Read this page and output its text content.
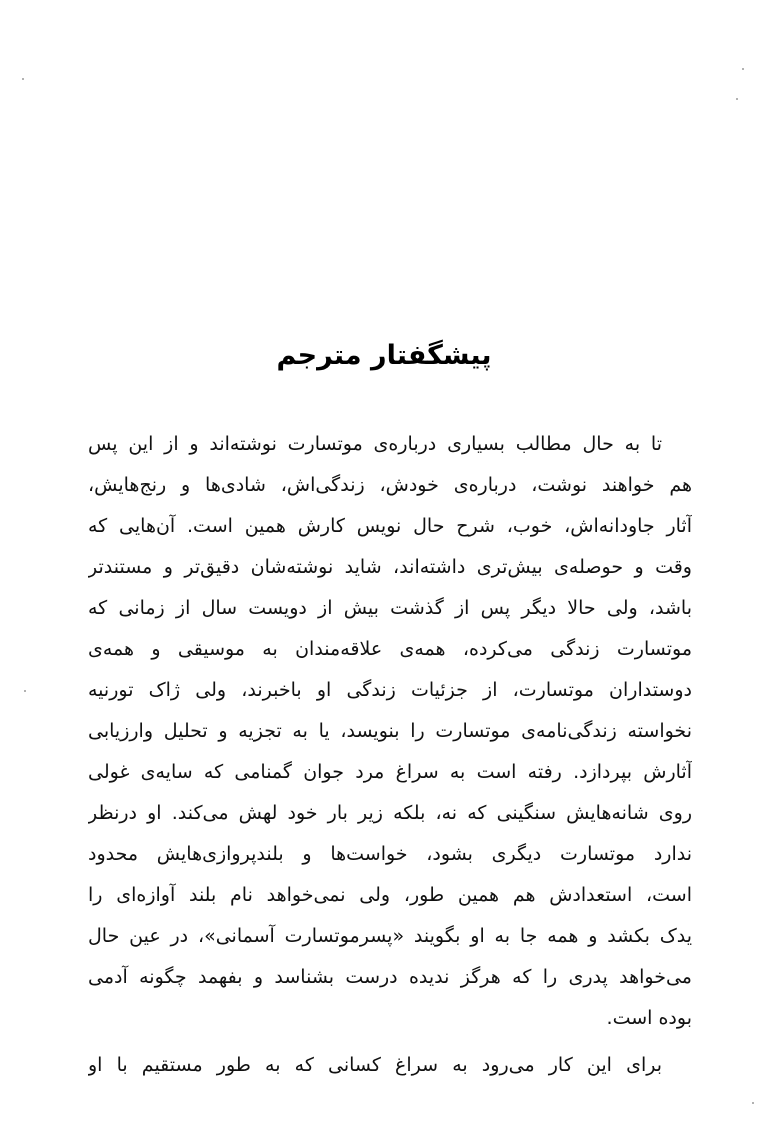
پیشگفتار مترجم
تا به حال مطالب بسیاری درباره‌ی موتسارت نوشته‌اند و از این پس
هم خواهند نوشت، درباره‌ی خودش، زندگی‌اش، شادی‌ها و رنج‌هایش،
آثار جاودانه‌اش، خوب، شرح حال نویس کارش همین است. آن‌هایی که
وقت و حوصله‌ی بیش‌تری داشته‌اند، شاید نوشته‌شان دقیق‌تر و مستندتر
باشد، ولی حالا دیگر پس از گذشت بیش از دویست سال از زمانی که
موتسارت زندگی می‌کرده، همه‌ی علاقه‌مندان به موسیقی و همه‌ی
دوستداران موتسارت، از جزئیات زندگی او باخبرند، ولی ژاک تورنیه
نخواسته زندگی‌نامه‌ی موتسارت را بنویسد، یا به تجزیه و تحلیل وارزیابی
آثارش بپردازد. رفته است به سراغ مرد جوان گمنامی که سایه‌ی غولی
روی شانه‌هایش سنگینی که نه، بلکه زیر بار خود لهش می‌کند. او درنظر
ندارد موتسارت دیگری بشود، خواست‌ها و بلندپروازی‌هایش محدود
است، استعدادش هم همین طور، ولی نمی‌خواهد نام بلند آوازه‌ای را
یدک بکشد و همه جا به او بگویند «پسرموتسارت آسمانی»، در عین حال
می‌خواهد پدری را که هرگز ندیده درست بشناسد و بفهمد چگونه آدمی
بوده است.
برای این کار می‌رود به سراغ کسانی که به طور مستقیم با او
